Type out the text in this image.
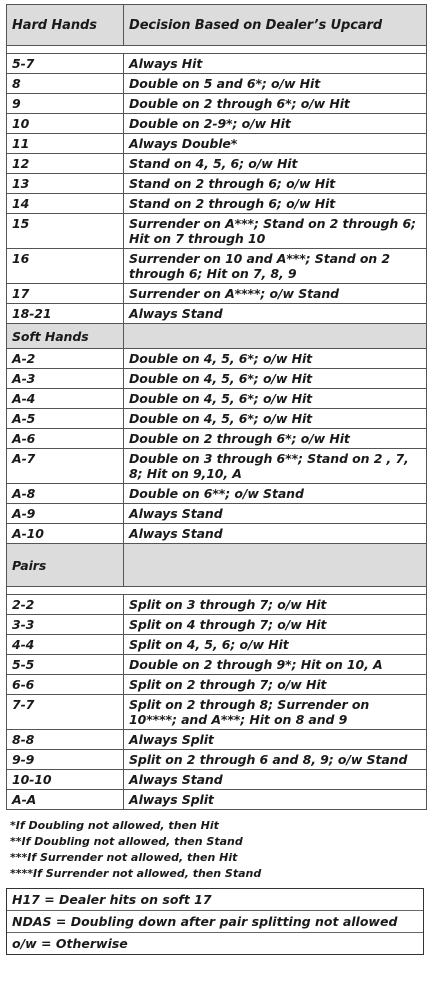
Hard Hands	Decision Based on Dealer’s Upcard

5-7	Always Hit
8	Double on 5 and 6*; o/w Hit
9	Double on 2 through 6*; o/w Hit
10	Double on 2-9*; o/w Hit
11	Always Double*
12	Stand on 4, 5, 6; o/w Hit
13	Stand on 2 through 6; o/w Hit
14	Stand on 2 through 6; o/w Hit
15	Surrender on A***; Stand on 2 through 6; Hit on 7 through 10
16	Surrender on 10 and A***; Stand on 2 through 6; Hit on 7, 8, 9
17	Surrender on A****; o/w Stand
18-21	Always Stand
Soft Hands	
A-2	Double on 4, 5, 6*; o/w Hit
A-3	Double on 4, 5, 6*; o/w Hit
A-4	Double on 4, 5, 6*; o/w Hit
A-5	Double on 4, 5, 6*; o/w Hit
A-6	Double on 2 through 6*; o/w Hit
A-7	Double on 3 through 6**; Stand on 2 , 7, 8; Hit on 9,10, A
A-8	Double on 6**; o/w Stand
A-9	Always Stand
A-10	Always Stand
Pairs	

2-2	Split on 3 through 7; o/w Hit
3-3	Split on 4 through 7; o/w Hit
4-4	Split on 4, 5, 6; o/w Hit
5-5	Double on 2 through 9*; Hit on 10, A
6-6	Split on 2 through 7; o/w Hit
7-7	Split on 2 through 8; Surrender on 10****; and A***; Hit on 8 and 9
8-8	Always Split
9-9	Split on 2 through 6 and 8, 9; o/w Stand
10-10	Always Stand
A-A	Always Split
*If Doubling not allowed, then Hit
**If Doubling not allowed, then Stand
***If Surrender not allowed, then Hit
****If Surrender not allowed, then Stand
H17 = Dealer hits on soft 17
NDAS = Doubling down after pair splitting not allowed
o/w = Otherwise
